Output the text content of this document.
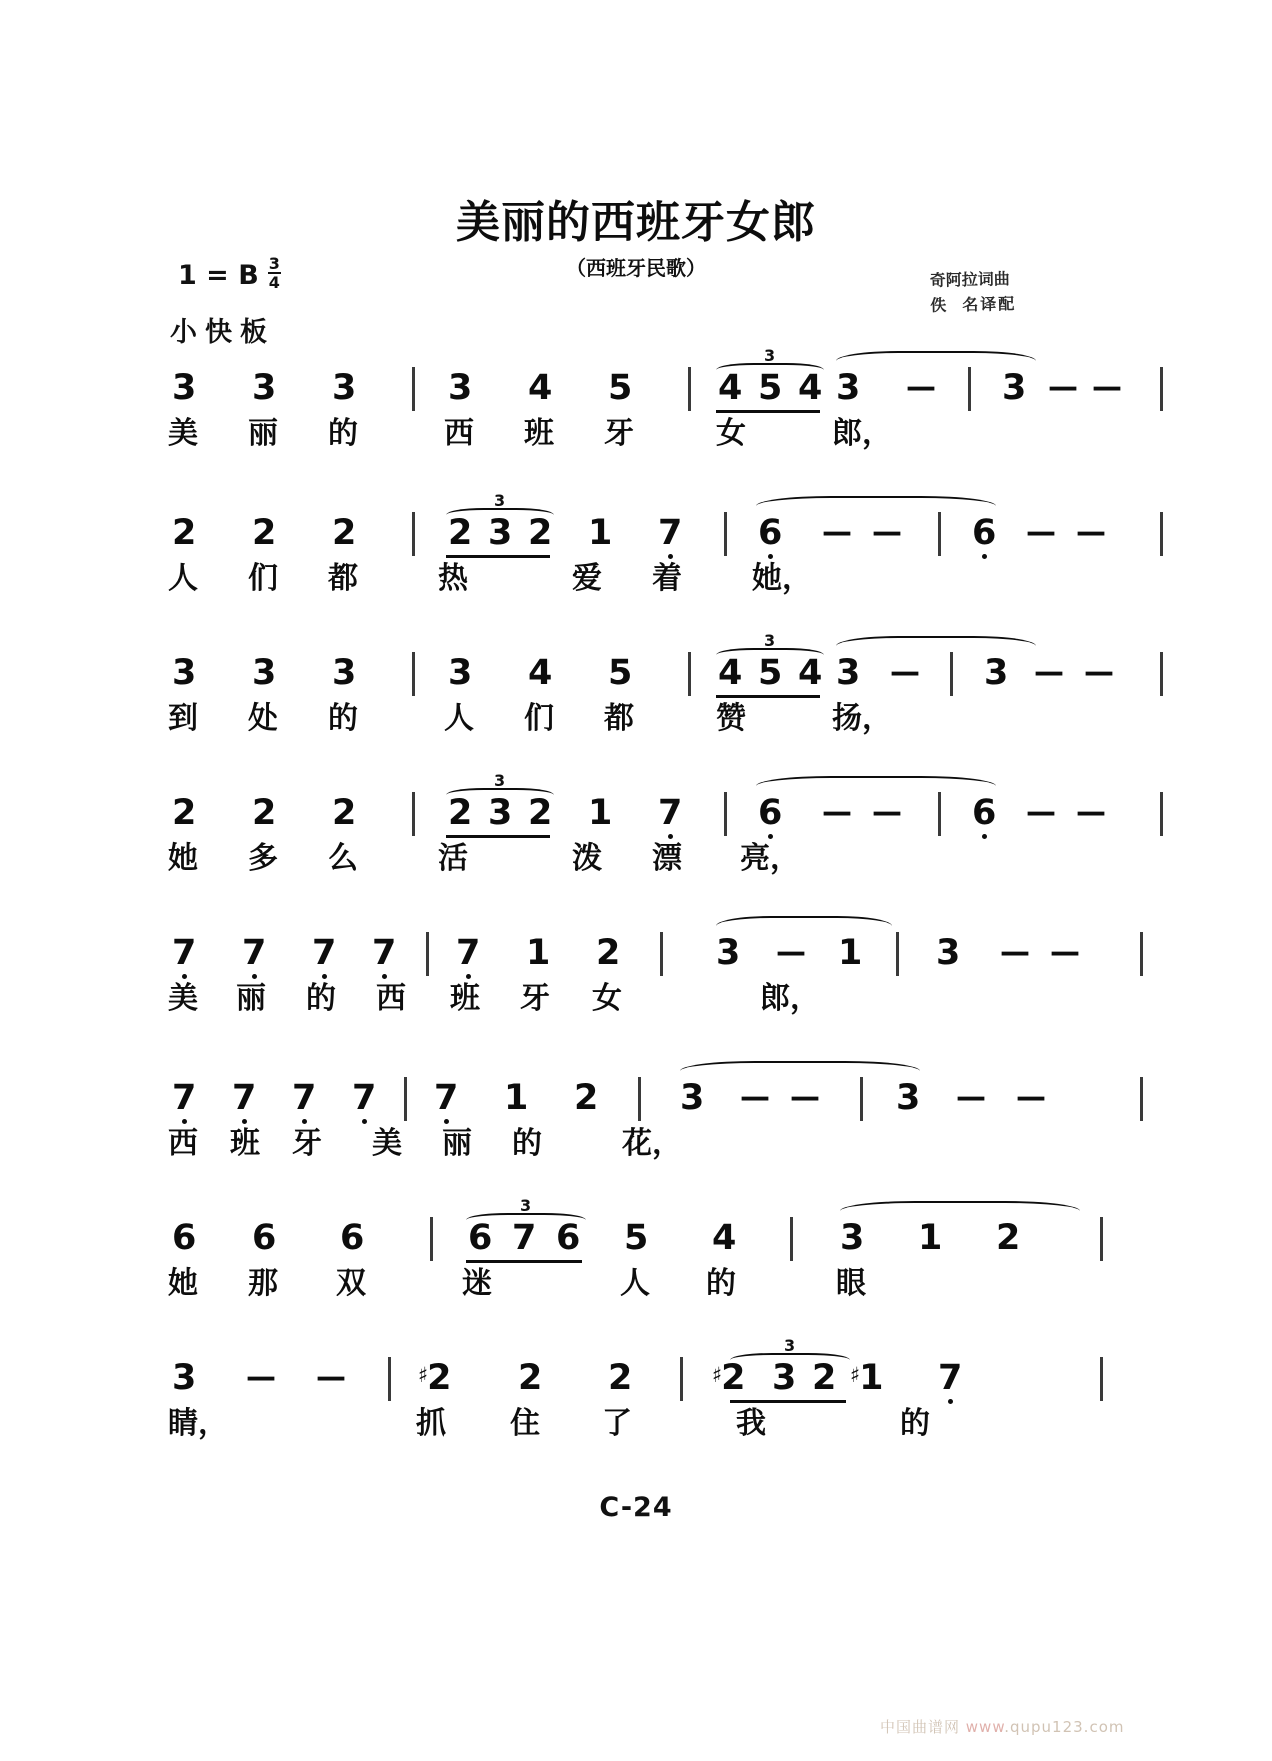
美丽的西班牙女郎
（西班牙民歌）
1 = B $\frac{3}{4}$
小快板
奇阿拉词曲
佚 名译配
3 3 3	3 4 5
3
4 5 4 3 — 3 — —
美 丽 的	西 班 牙	女	郎，
2 2 2
3
2 3 2 1 7 6 — — 6 — —
人 们 都	热	爱 着 她，
3 3 3	3 4 5
3
4 5 4 3 — 3 — —
到 处 的	人 们 都	赞	扬，
2 2 2
3
2 3 2 1 7 6 — — 6 — —
她 多 么	活	泼 漂 亮，
7 7 7 7 7 1 2	3 — 1 3 — —
美 丽 的 西 班 牙 女	郎，
7 7 7 7 7 1 2 3 — — 3 — —
西 班 牙 美 丽 的	花，
6 6 6
3
6 7 6 5 4	3 1 2
她 那 双	迷	人 的	眼
3 — —	♯2 2 2
3
♯2 3 2 ♯1 7
睛，	抓 住 了	我	的
C-24
中国曲谱网 www.qupu123.com
